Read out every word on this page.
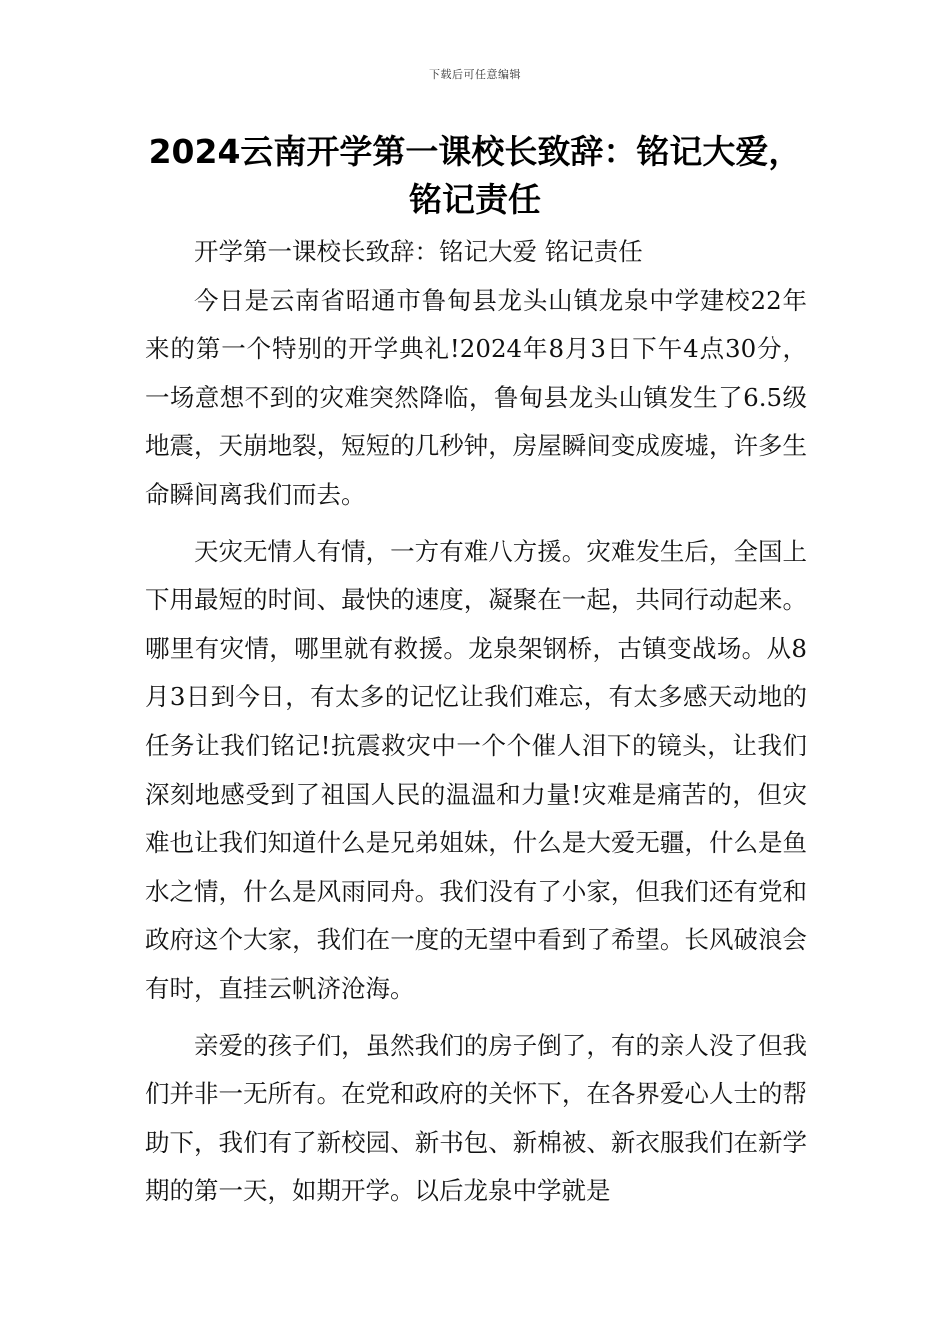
下载后可任意编辑
2024云南开学第一课校长致辞：铭记大爱，铭记责任

开学第一课校长致辞：铭记大爱 铭记责任

今日是云南省昭通市鲁甸县龙头山镇龙泉中学建校22年来的第一个特别的开学典礼!2024年8月3日下午4点30分，一场意想不到的灾难突然降临，鲁甸县龙头山镇发生了6.5级地震，天崩地裂，短短的几秒钟，房屋瞬间变成废墟，许多生命瞬间离我们而去。

天灾无情人有情，一方有难八方援。灾难发生后，全国上下用最短的时间、最快的速度，凝聚在一起，共同行动起来。哪里有灾情，哪里就有救援。龙泉架钢桥，古镇变战场。从8月3日到今日，有太多的记忆让我们难忘，有太多感天动地的任务让我们铭记!抗震救灾中一个个催人泪下的镜头，让我们深刻地感受到了祖国人民的温温和力量!灾难是痛苦的，但灾难也让我们知道什么是兄弟姐妹，什么是大爱无疆，什么是鱼水之情，什么是风雨同舟。我们没有了小家，但我们还有党和政府这个大家，我们在一度的无望中看到了希望。长风破浪会有时，直挂云帆济沧海。

亲爱的孩子们，虽然我们的房子倒了，有的亲人没了但我们并非一无所有。在党和政府的关怀下，在各界爱心人士的帮助下，我们有了新校园、新书包、新棉被、新衣服我们在新学期的第一天，如期开学。以后龙泉中学就是
